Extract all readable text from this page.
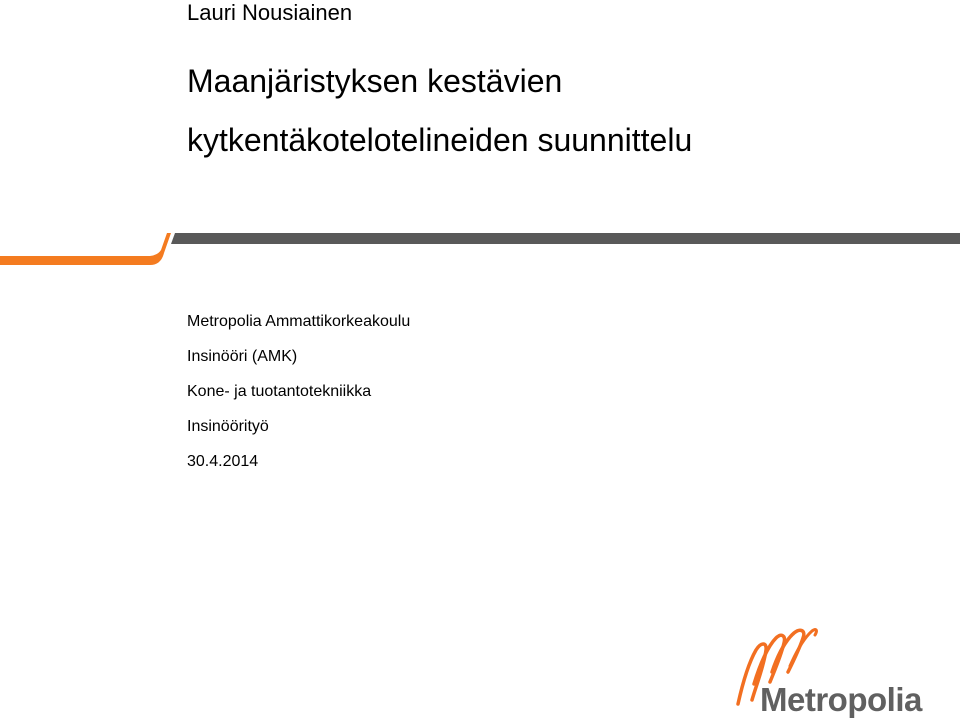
Lauri Nousiainen
Maanjäristyksen kestävien
kytkentäkotelotelineiden suunnittelu
Metropolia Ammattikorkeakoulu
Insinööri (AMK)
Kone- ja tuotantotekniikka
Insinöörityö
30.4.2014
Metropolia
